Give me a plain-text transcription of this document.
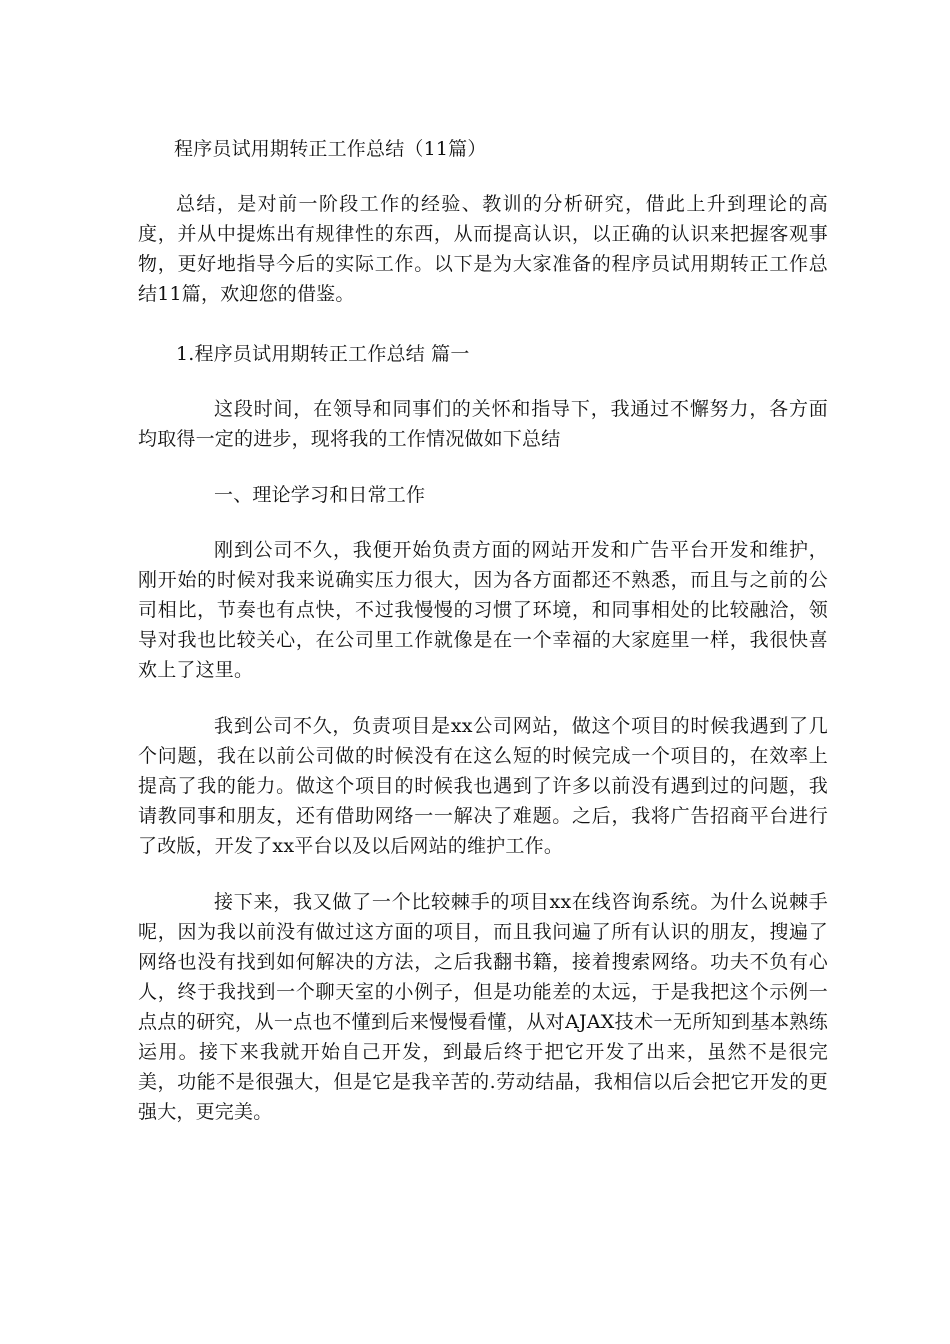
程序员试用期转正工作总结（11篇）

总结，是对前一阶段工作的经验、教训的分析研究，借此上升到理论的高度，并从中提炼出有规律性的东西，从而提高认识，以正确的认识来把握客观事物，更好地指导今后的实际工作。以下是为大家准备的程序员试用期转正工作总结11篇，欢迎您的借鉴。

1.程序员试用期转正工作总结 篇一

这段时间，在领导和同事们的关怀和指导下，我通过不懈努力，各方面均取得一定的进步，现将我的工作情况做如下总结

一、理论学习和日常工作

刚到公司不久，我便开始负责方面的网站开发和广告平台开发和维护，刚开始的时候对我来说确实压力很大，因为各方面都还不熟悉，而且与之前的公司相比，节奏也有点快，不过我慢慢的习惯了环境，和同事相处的比较融洽，领导对我也比较关心，在公司里工作就像是在一个幸福的大家庭里一样，我很快喜欢上了这里。

我到公司不久，负责项目是xx公司网站，做这个项目的时候我遇到了几个问题，我在以前公司做的时候没有在这么短的时候完成一个项目的，在效率上提高了我的能力。做这个项目的时候我也遇到了许多以前没有遇到过的问题，我请教同事和朋友，还有借助网络一一解决了难题。之后，我将广告招商平台进行了改版，开发了xx平台以及以后网站的维护工作。

接下来，我又做了一个比较棘手的项目xx在线咨询系统。为什么说棘手呢，因为我以前没有做过这方面的项目，而且我问遍了所有认识的朋友，搜遍了网络也没有找到如何解决的方法，之后我翻书籍，接着搜索网络。功夫不负有心人，终于我找到一个聊天室的小例子，但是功能差的太远，于是我把这个示例一点点的研究，从一点也不懂到后来慢慢看懂，从对AJAX技术一无所知到基本熟练运用。接下来我就开始自己开发，到最后终于把它开发了出来，虽然不是很完美，功能不是很强大，但是它是我辛苦的.劳动结晶，我相信以后会把它开发的更强大，更完美。
